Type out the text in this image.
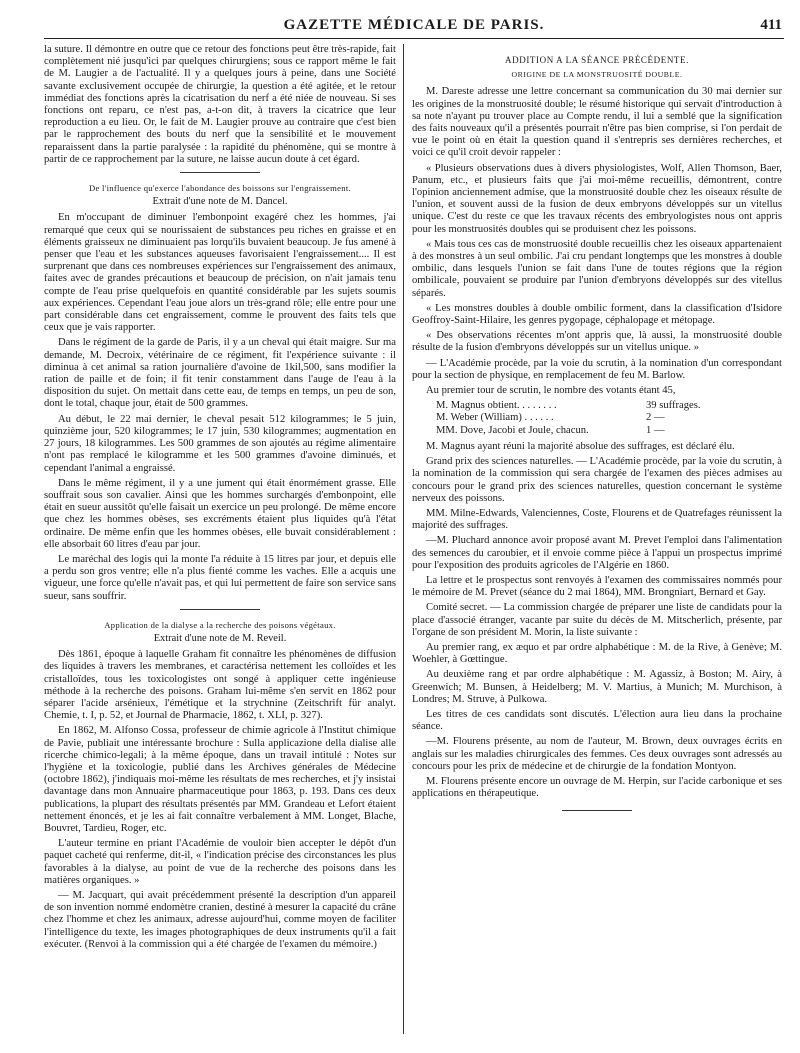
GAZETTE MÉDICALE DE PARIS.	411

la suture. Il démontre en outre que ce retour des fonctions peut être très-rapide, fait complètement nié jusqu'ici par quelques chirurgiens; sous ce rapport même le fait de M. Laugier a de l'actualité. Il y a quelques jours à peine, dans une Société savante exclusivement occupée de chirurgie, la question a été agitée, et le retour immédiat des fonctions après la cicatrisation du nerf a été niée de nouveau. Si ses fonctions ont reparu, ce n'est pas, a-t-on dit, à travers la cicatrice que leur reproduction a eu lieu. Or, le fait de M. Laugier prouve au contraire que c'est bien par le rapprochement des bouts du nerf que la sensibilité et le mouvement reparaissent dans la partie paralysée : la rapidité du phénomène, qui se montre à partir de ce rapprochement par la suture, ne laisse aucun doute à cet égard.

De l'influence qu'exerce l'abondance des boissons sur l'engraissement.
Extrait d'une note de M. Dancel.

En m'occupant de diminuer l'embonpoint exagéré chez les hommes, j'ai remarqué que ceux qui se nourissaient de substances peu riches en graisse et en éléments graisseux ne diminuaient pas lorqu'ils buvaient beaucoup. Je fus amené à penser que l'eau et les substances aqueuses favorisaient l'engraissement.... Il est surprenant que dans ces nombreuses expériences sur l'engraissement des animaux, faites avec de grandes précautions et beaucoup de précision, on n'ait jamais tenu compte de l'eau prise quelquefois en quantité considérable par les sujets soumis aux expériences. Cependant l'eau joue alors un très-grand rôle; elle entre pour une part considérable dans cet engraissement, comme le prouvent des faits tels que ceux que je vais rapporter.

Dans le régiment de la garde de Paris, il y a un cheval qui était maigre. Sur ma demande, M. Decroix, vétérinaire de ce régiment, fit l'expérience suivante : il diminua à cet animal sa ration journalière d'avoine de 1kil,500, sans modifier la ration de paille et de foin; il fit tenir constamment dans l'auge de l'eau à la disposition du sujet. On mettait dans cette eau, de temps en temps, un peu de son, dont le total, chaque jour, était de 500 grammes.

Au début, le 22 mai dernier, le cheval pesait 512 kilogrammes; le 5 juin, quinzième jour, 520 kilogrammes; le 17 juin, 530 kilogrammes; augmentation en 27 jours, 18 kilogrammes. Les 500 grammes de son ajoutés au régime alimentaire n'ont pas remplacé le kilogramme et les 500 grammes d'avoine diminués, et cependant l'animal a engraissé.

Dans le même régiment, il y a une jument qui était énormément grasse. Elle souffrait sous son cavalier. Ainsi que les hommes surchargés d'embonpoint, elle était en sueur aussitôt qu'elle faisait un exercice un peu prolongé. De même encore que chez les hommes obèses, ses excréments étaient plus liquides qu'à l'état ordinaire. De même enfin que les hommes obèses, elle buvait considérablement : elle absorbait 60 litres d'eau par jour.

Le maréchal des logis qui la monte l'a réduite à 15 litres par jour, et depuis elle a perdu son gros ventre; elle n'a plus fienté comme les vaches. Elle a acquis une vigueur, une force qu'elle n'avait pas, et qui lui permettent de faire son service sans sueur, sans souffrir.

Application de la dialyse a la recherche des poisons végétaux.
Extrait d'une note de M. Reveil.

Dès 1861, époque à laquelle Graham fit connaître les phénomènes de diffusion des liquides à travers les membranes, et caractérisa nettement les colloïdes et les cristalloïdes, tous les toxicologistes ont songé à appliquer cette ingénieuse méthode à la recherche des poisons. Graham lui-même s'en servit en 1862 pour séparer l'acide arsénieux, l'émétique et la strychnine (Zeitschrift für analyt. Chemie, t. I, p. 52, et Journal de Pharmacie, 1862, t. XLI, p. 327).

En 1862, M. Alfonso Cossa, professeur de chimie agricole à l'Institut chimique de Pavie, publiait une intéressante brochure : Sulla applicazione della dialise alle ricerche chimico-legali; à la même époque, dans un travail intitulé : Notes sur l'hygiène et la toxicologie, publié dans les Archives générales de Médecine (octobre 1862), j'indiquais moi-même les résultats de mes recherches, et j'y insistai davantage dans mon Annuaire pharmaceutique pour 1863, p. 193. Dans ces deux publications, la plupart des résultats présentés par MM. Grandeau et Lefort étaient nettement énoncés, et je les ai fait connaître verbalement à MM. Longet, Blache, Bouvret, Tardieu, Roger, etc.

L'auteur termine en priant l'Académie de vouloir bien accepter le dépôt d'un paquet cacheté qui renferme, dit-il, « l'indication précise des circonstances les plus favorables à la dialyse, au point de vue de la recherche des poisons dans les matières organiques. »

— M. Jacquart, qui avait précédemment présenté la description d'un appareil de son invention nommé endomètre cranien, destiné à mesurer la capacité du crâne chez l'homme et chez les animaux, adresse aujourd'hui, comme moyen de faciliter l'intelligence du texte, les images photographiques de deux instruments qu'il a fait exécuter. (Renvoi à la commission qui a été chargée de l'examen du mémoire.)

ADDITION A LA SÉANCE PRÉCÉDENTE.
ORIGINE DE LA MONSTRUOSITÉ DOUBLE.

M. Dareste adresse une lettre concernant sa communication du 30 mai dernier sur les origines de la monstruosité double; le résumé historique qui servait d'introduction à sa note n'ayant pu trouver place au Compte rendu, il lui a semblé que la signification des faits nouveaux qu'il a présentés pourrait n'être pas bien comprise, si l'on perdait de vue le point où en était la question quand il s'entrepris ses dernières recherches, et voici ce qu'il croit devoir rappeler :

« Plusieurs observations dues à divers physiologistes, Wolf, Allen Thomson, Baer, Panum, etc., et plusieurs faits que j'ai moi-même recueillis, démontrent, contre l'opinion anciennement admise, que la monstruosité double chez les oiseaux résulte de l'union, et souvent aussi de la fusion de deux embryons développés sur un vitellus unique. C'est du reste ce que les travaux récents des embryologistes nous ont appris pour les monstruosités doubles qui se produisent chez les poissons.

« Mais tous ces cas de monstruosité double recueillis chez les oiseaux appartenaient à des monstres à un seul ombilic. J'ai cru pendant longtemps que les monstres à double ombilic, dans lesquels l'union se fait dans l'une de toutes régions que la région ombilicale, pouvaient se produire par l'union d'embryons développés sur des vitellus séparés.

« Les monstres doubles à double ombilic forment, dans la classification d'Isidore Geoffroy-Saint-Hilaire, les genres pygopage, céphalopage et métopage.

« Des observations récentes m'ont appris que, là aussi, la monstruosité double résulte de la fusion d'embryons développés sur un vitellus unique. »

— L'Académie procède, par la voie du scrutin, à la nomination d'un correspondant pour la section de physique, en remplacement de feu M. Barlow.

Au premier tour de scrutin, le nombre des votants étant 45,

M. Magnus obtient. . . . . . . .	39 suffrages.
M. Weber (William) . . . . . .	2 —
MM. Dove, Jacobi et Joule, chacun.	1 —

M. Magnus ayant réuni la majorité absolue des suffrages, est déclaré élu.

Grand prix des sciences naturelles. — L'Académie procède, par la voie du scrutin, à la nomination de la commission qui sera chargée de l'examen des pièces admises au concours pour le grand prix des sciences naturelles, question concernant le système nerveux des poissons.

MM. Milne-Edwards, Valenciennes, Coste, Flourens et de Quatrefages réunissent la majorité des suffrages.

—M. Pluchard annonce avoir proposé avant M. Prevet l'emploi dans l'alimentation des semences du caroubier, et il envoie comme pièce à l'appui un prospectus imprimé pour l'exposition des produits agricoles de l'Algérie en 1860.

La lettre et le prospectus sont renvoyés à l'examen des commissaires nommés pour le mémoire de M. Prevet (séance du 2 mai 1864), MM. Brongniart, Bernard et Gay.

Comité secret. — La commission chargée de préparer une liste de candidats pour la place d'associé étranger, vacante par suite du décès de M. Mitscherlich, présente, par l'organe de son président M. Morin, la liste suivante :

Au premier rang, ex æquo et par ordre alphabétique : M. de la Rive, à Genève; M. Woehler, à Gœttingue.

Au deuxième rang et par ordre alphabétique : M. Agassiz, à Boston; M. Airy, à Greenwich; M. Bunsen, à Heidelberg; M. V. Martius, à Munich; M. Murchison, à Londres; M. Struve, à Pulkowa.

Les titres de ces candidats sont discutés. L'élection aura lieu dans la prochaine séance.

—M. Flourens présente, au nom de l'auteur, M. Brown, deux ouvrages écrits en anglais sur les maladies chirurgicales des femmes. Ces deux ouvrages sont adressés au concours pour les prix de médecine et de chirurgie de la fondation Montyon.

M. Flourens présente encore un ouvrage de M. Herpin, sur l'acide carbonique et ses applications en thérapeutique.
